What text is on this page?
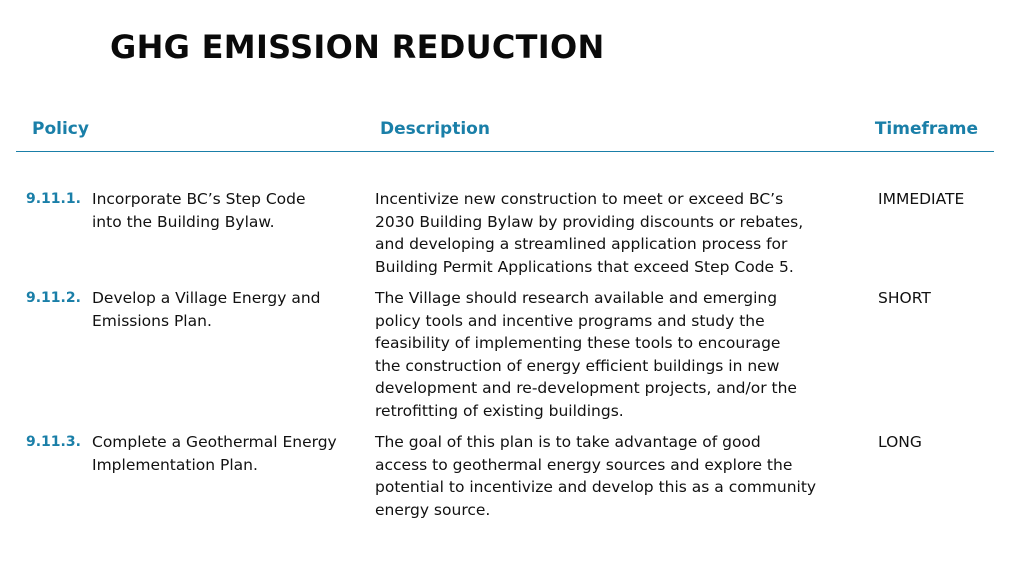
GHG EMISSION REDUCTION
Policy	Description	Timeframe
9.11.1. Incorporate BC’s Step Code
into the Building Bylaw.
Incentivize new construction to meet or exceed BC’s
2030 Building Bylaw by providing discounts or rebates,
and developing a streamlined application process for
Building Permit Applications that exceed Step Code 5.
IMMEDIATE
9.11.2. Develop a Village Energy and
Emissions Plan.
The Village should research available and emerging
policy tools and incentive programs and study the
feasibility of implementing these tools to encourage
the construction of energy efficient buildings in new
development and re-development projects, and/or the
retrofitting of existing buildings.
SHORT
9.11.3. Complete a Geothermal Energy
Implementation Plan.
The goal of this plan is to take advantage of good
access to geothermal energy sources and explore the
potential to incentivize and develop this as a community
energy source.
LONG
